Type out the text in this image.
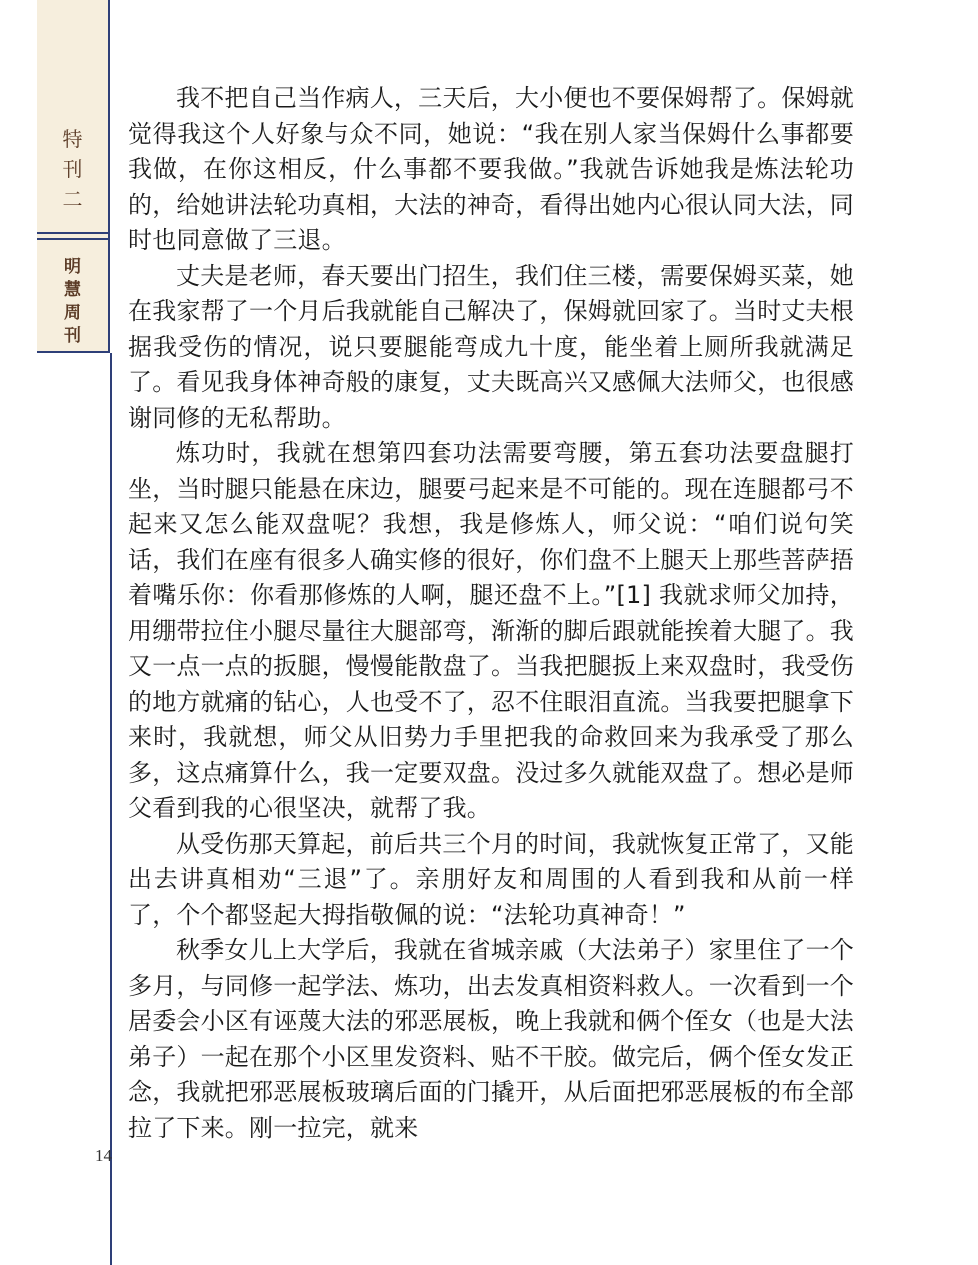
特
刊
二
明
慧
周
刊
14

我不把自己当作病人，三天后，大小便也不要保姆帮了。保姆就觉得我这个人好象与众不同，她说：“我在别人家当保姆什么事都要我做，在你这相反，什么事都不要我做。”我就告诉她我是炼法轮功的，给她讲法轮功真相，大法的神奇，看得出她内心很认同大法，同时也同意做了三退。

丈夫是老师，春天要出门招生，我们住三楼，需要保姆买菜，她在我家帮了一个月后我就能自己解决了，保姆就回家了。当时丈夫根据我受伤的情况，说只要腿能弯成九十度，能坐着上厕所我就满足了。看见我身体神奇般的康复，丈夫既高兴又感佩大法师父，也很感谢同修的无私帮助。

炼功时，我就在想第四套功法需要弯腰，第五套功法要盘腿打坐，当时腿只能悬在床边，腿要弓起来是不可能的。现在连腿都弓不起来又怎么能双盘呢？我想，我是修炼人，师父说：“咱们说句笑话，我们在座有很多人确实修的很好，你们盘不上腿天上那些菩萨捂着嘴乐你：你看那修炼的人啊，腿还盘不上。”[1] 我就求师父加持，用绷带拉住小腿尽量往大腿部弯，渐渐的脚后跟就能挨着大腿了。我又一点一点的扳腿，慢慢能散盘了。当我把腿扳上来双盘时，我受伤的地方就痛的钻心，人也受不了，忍不住眼泪直流。当我要把腿拿下来时，我就想，师父从旧势力手里把我的命救回来为我承受了那么多，这点痛算什么，我一定要双盘。没过多久就能双盘了。想必是师父看到我的心很坚决，就帮了我。

从受伤那天算起，前后共三个月的时间，我就恢复正常了，又能出去讲真相劝“三退”了。亲朋好友和周围的人看到我和从前一样了，个个都竖起大拇指敬佩的说：“法轮功真神奇！”

秋季女儿上大学后，我就在省城亲戚（大法弟子）家里住了一个多月，与同修一起学法、炼功，出去发真相资料救人。一次看到一个居委会小区有诬蔑大法的邪恶展板，晚上我就和俩个侄女（也是大法弟子）一起在那个小区里发资料、贴不干胶。做完后，俩个侄女发正念，我就把邪恶展板玻璃后面的门撬开，从后面把邪恶展板的布全部拉了下来。刚一拉完，就来
